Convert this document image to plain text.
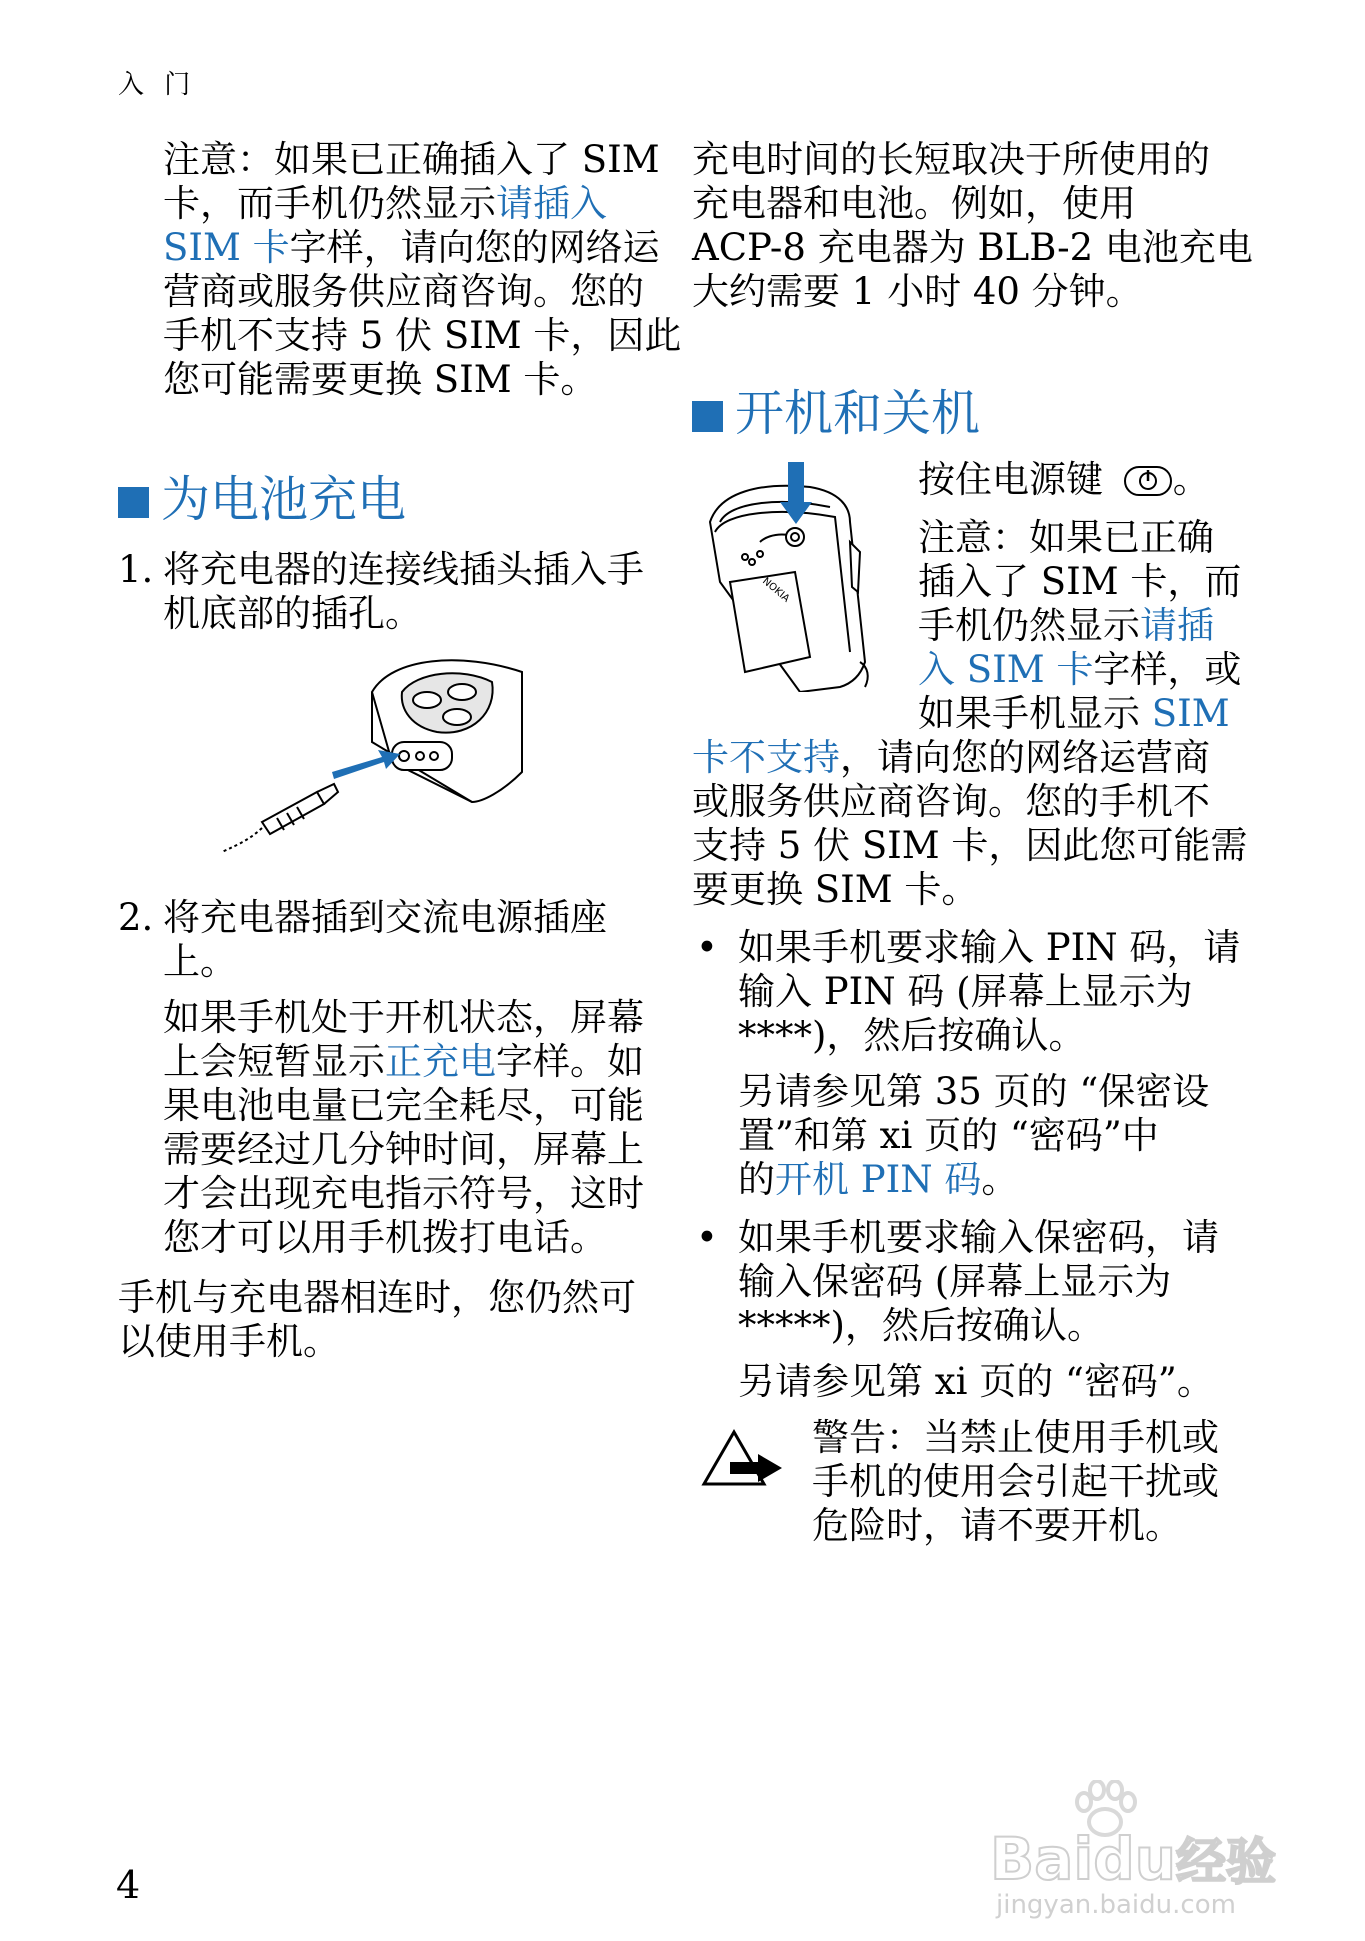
入 门
注意：如果已正确插入了 SIM
卡，而手机仍然显示请插入
SIM 卡字样，请向您的网络运
营商或服务供应商咨询。您的
手机不支持 5 伏 SIM 卡，因此
您可能需要更换 SIM 卡。
为电池充电
1. 将充电器的连接线插头插入手
机底部的插孔。
2. 将充电器插到交流电源插座
上。
如果手机处于开机状态，屏幕
上会短暂显示正充电字样。如
果电池电量已完全耗尽，可能
需要经过几分钟时间，屏幕上
才会出现充电指示符号，这时
您才可以用手机拨打电话。
手机与充电器相连时，您仍然可
以使用手机。
充电时间的长短取决于所使用的
充电器和电池。例如，使用
ACP-8 充电器为 BLB-2 电池充电
大约需要 1 小时 40 分钟。
开机和关机
NOKIA
按住电源键 。
注意：如果已正确
插入了 SIM 卡，而
手机仍然显示请插
入 SIM 卡字样，或
如果手机显示 SIM
卡不支持，请向您的网络运营商
或服务供应商咨询。您的手机不
支持 5 伏 SIM 卡，因此您可能需
要更换 SIM 卡。
• 如果手机要求输入 PIN 码，请
输入 PIN 码 (屏幕上显示为
****)，然后按确认。
另请参见第 35 页的 “保密设
置”和第 xi 页的 “密码”中
的开机 PIN 码。
• 如果手机要求输入保密码，请
输入保密码 (屏幕上显示为
*****)，然后按确认。
另请参见第 xi 页的 “密码”。
警告：当禁止使用手机或
手机的使用会引起干扰或
危险时，请不要开机。
4	Baidu经验
jingyan.baidu.com
